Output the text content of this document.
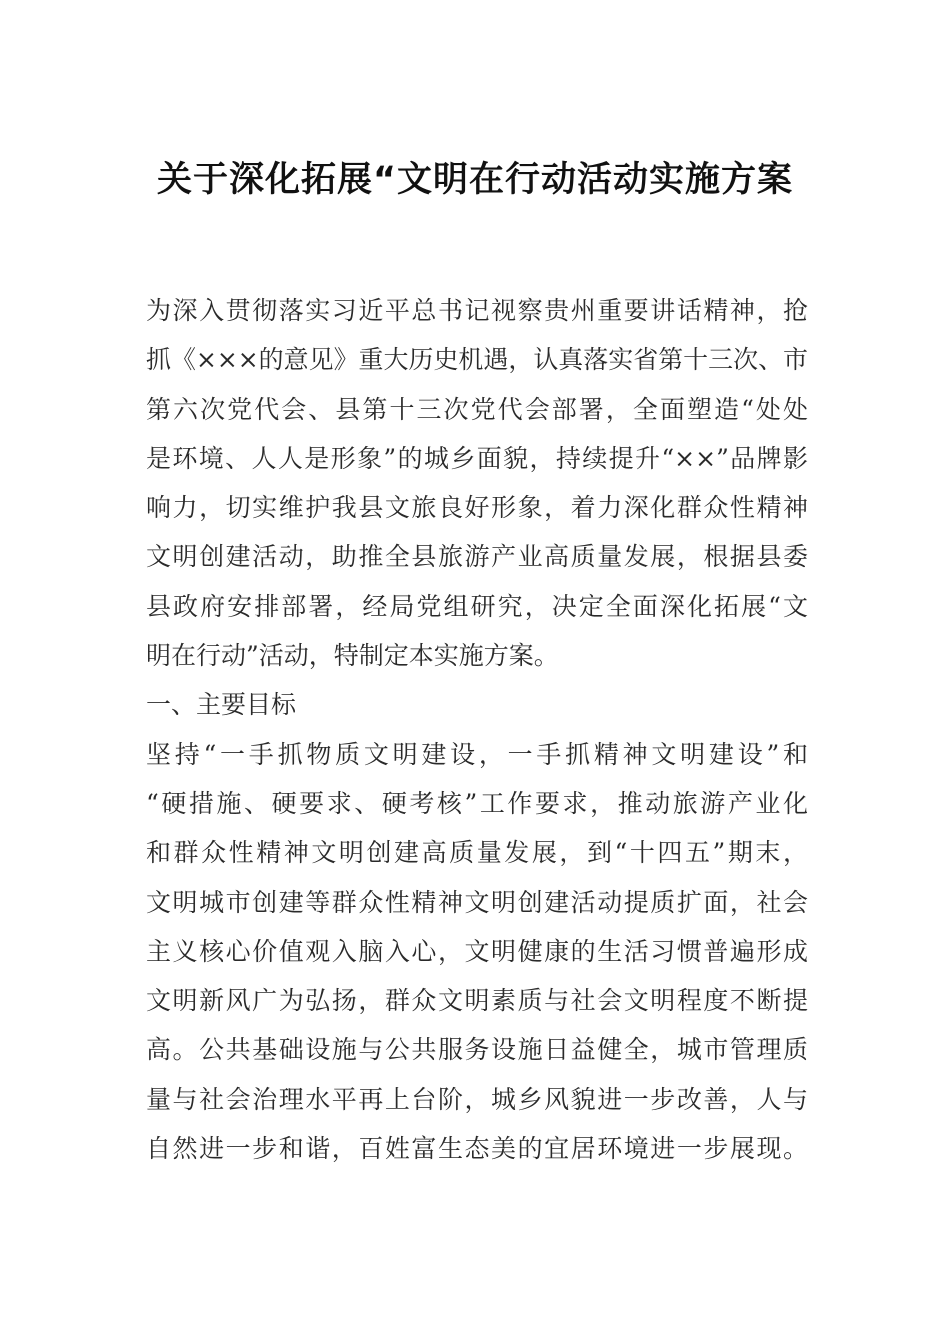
关于深化拓展“文明在行动活动实施方案
为深入贯彻落实习近平总书记视察贵州重要讲话精神，抢
抓《×××的意见》重大历史机遇，认真落实省第十三次、市
第六次党代会、县第十三次党代会部署，全面塑造“处处
是环境、人人是形象”的城乡面貌，持续提升“××”品牌影
响力，切实维护我县文旅良好形象，着力深化群众性精神
文明创建活动，助推全县旅游产业高质量发展，根据县委
县政府安排部署，经局党组研究，决定全面深化拓展“文
明在行动”活动，特制定本实施方案。
一、主要目标
坚持“一手抓物质文明建设，一手抓精神文明建设”和
“硬措施、硬要求、硬考核”工作要求，推动旅游产业化
和群众性精神文明创建高质量发展，到“十四五”期末，
文明城市创建等群众性精神文明创建活动提质扩面，社会
主义核心价值观入脑入心，文明健康的生活习惯普遍形成
文明新风广为弘扬，群众文明素质与社会文明程度不断提
高。公共基础设施与公共服务设施日益健全，城市管理质
量与社会治理水平再上台阶，城乡风貌进一步改善，人与
自然进一步和谐，百姓富生态美的宜居环境进一步展现。
